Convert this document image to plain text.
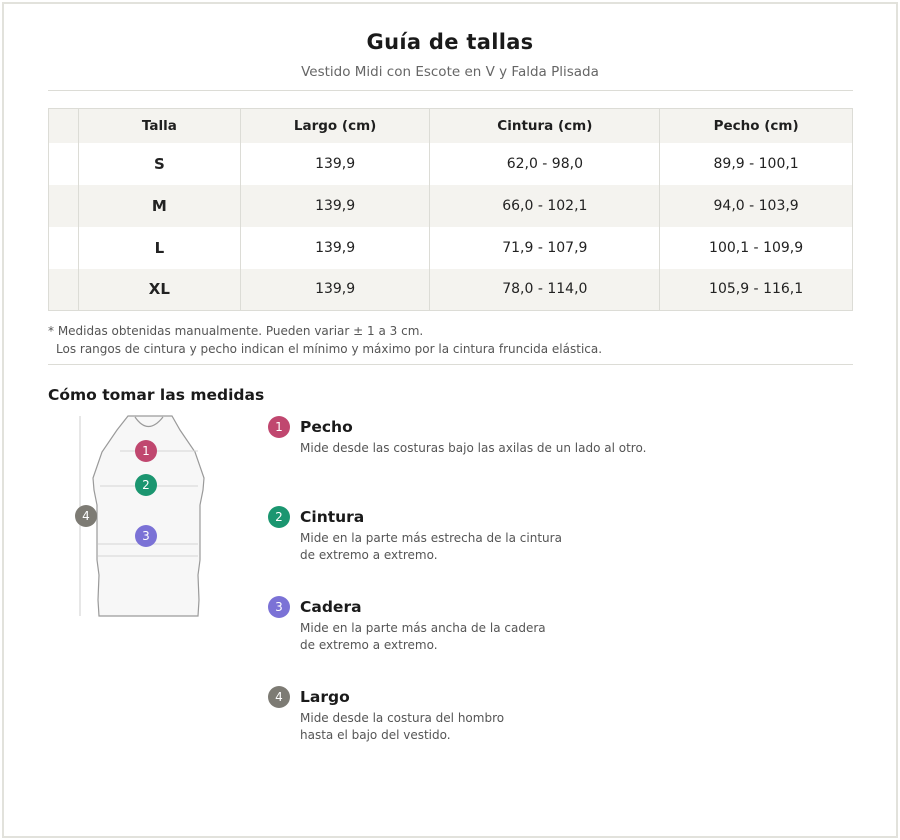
Guía de tallas
Vestido Midi con Escote en V y Falda Plisada
	Talla	Largo (cm)	Cintura (cm)	Pecho (cm)
	S	139,9	62,0 - 98,0	89,9 - 100,1
	M	139,9	66,0 - 102,1	94,0 - 103,9
	L	139,9	71,9 - 107,9	100,1 - 109,9
	XL	139,9	78,0 - 114,0	105,9 - 116,1
* Medidas obtenidas manualmente. Pueden variar ± 1 a 3 cm.
Los rangos de cintura y pecho indican el mínimo y máximo por la cintura fruncida elástica.
Cómo tomar las medidas
1
2
3
4
1	Pecho
Mide desde las costuras bajo las axilas de un lado al otro.
2	Cintura
Mide en la parte más estrecha de la cintura
de extremo a extremo.
3	Cadera
Mide en la parte más ancha de la cadera
de extremo a extremo.
4	Largo
Mide desde la costura del hombro
hasta el bajo del vestido.
